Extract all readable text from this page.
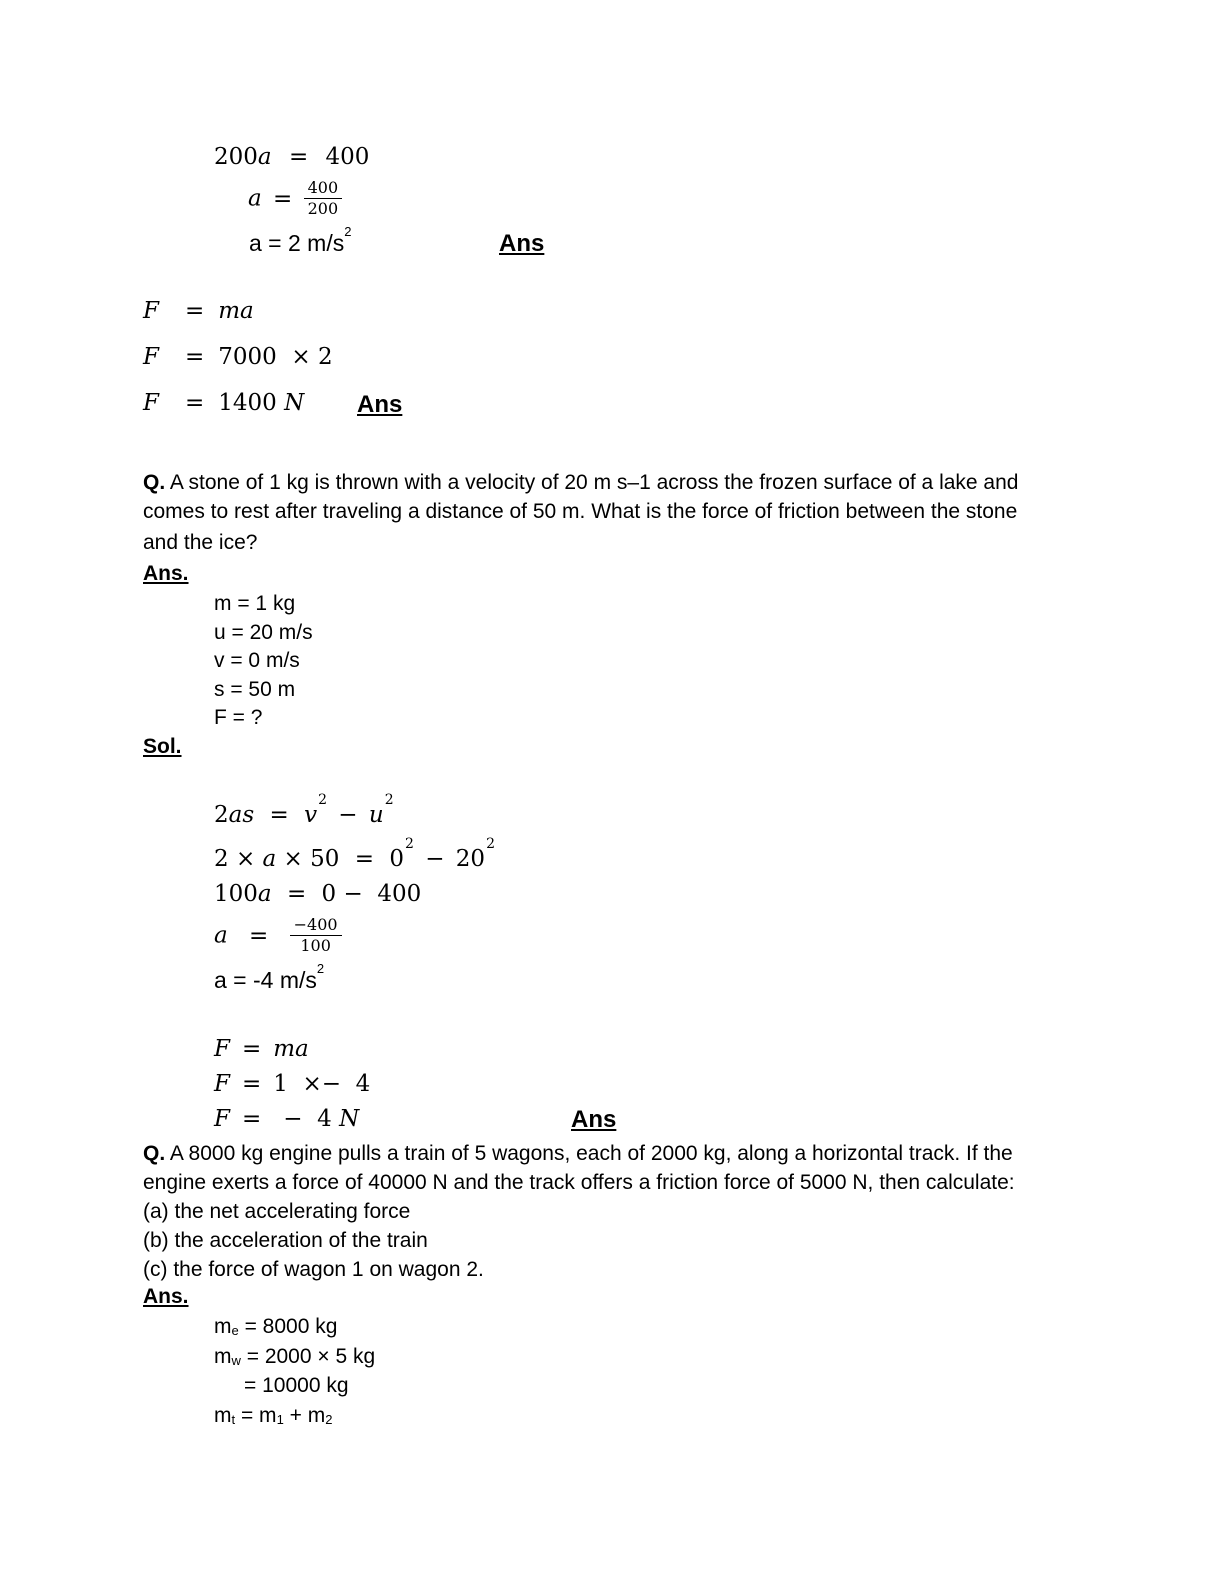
200a = 400
$a = \frac{400}{200}$
a = 2 $m/s^2$	Ans
F = ma
F = 7000  × 2
F = 1400 N Ans
Q. A stone of 1 kg is thrown with a velocity of 20 m s–1 across the frozen surface of a lake and
comes to rest after traveling a distance of 50 m. What is the force of friction between the stone
and the ice?
Ans.
m = 1 kg
u = 20 m/s
v = 0 m/s
s = 50 m
F = ?
Sol.
$2as = v^2 - u^2$
$2 \times a \times 50 = 0^2 - 20^2$
100a = 0 −  400
$a = \frac{-400}{100}$
a = -4 $m/s^2$
F = ma
F = 1  ×−  4
F = −  4 N	Ans
Q. A 8000 kg engine pulls a train of 5 wagons, each of 2000 kg, along a horizontal track. If the
engine exerts a force of 40000 N and the track offers a friction force of 5000 N, then calculate:
(a) the net accelerating force
(b) the acceleration of the train
(c) the force of wagon 1 on wagon 2.
Ans.
$m_e = 8000$ kg
$m_w = 2000 \times 5$ kg
= 10000 kg
$m_t = m_1 + m_2$
